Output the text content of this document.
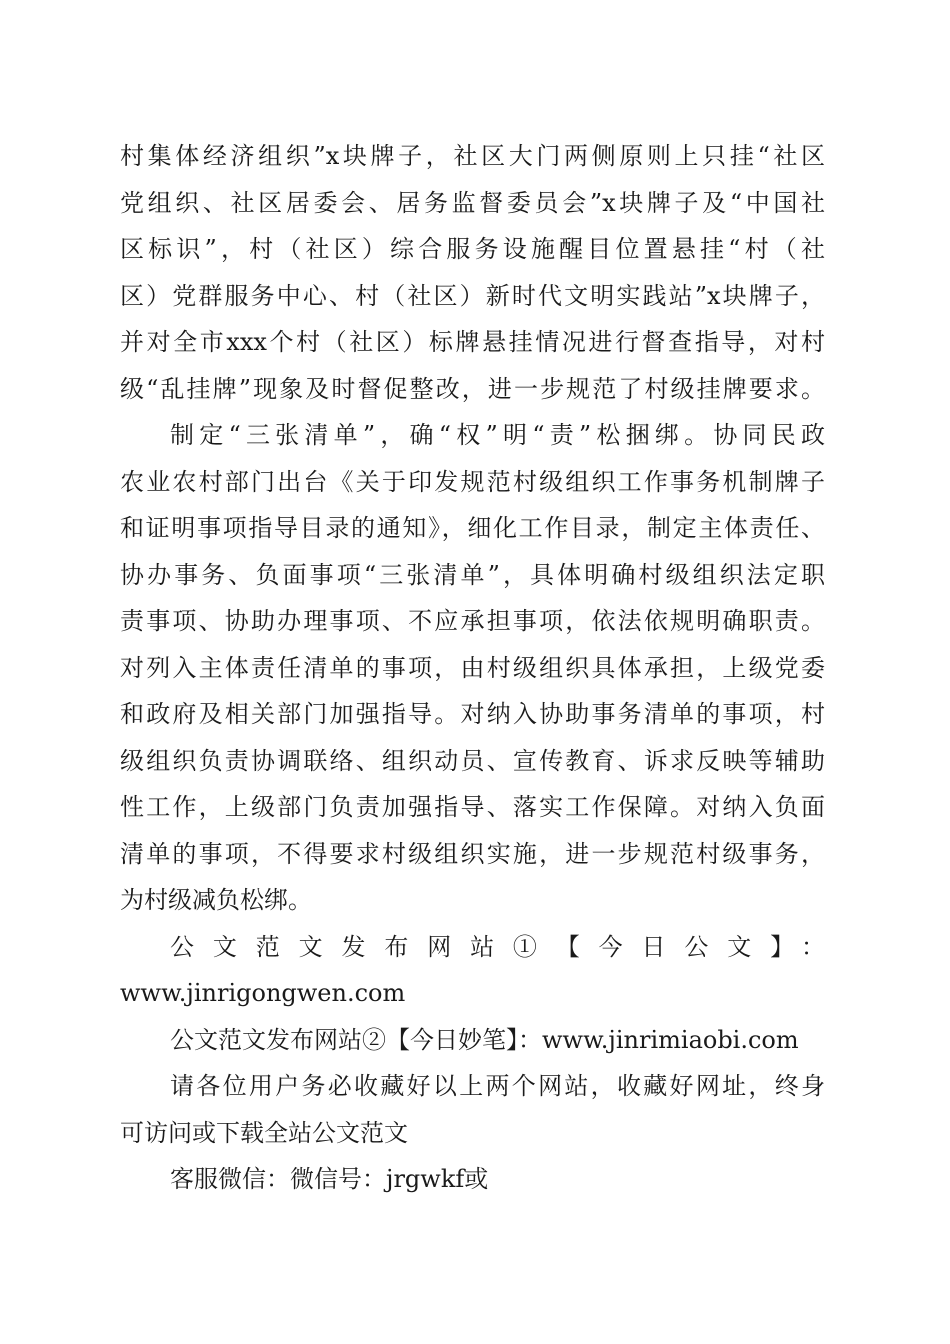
村集体经济组织”x块牌子，社区大门两侧原则上只挂“社区
党组织、社区居委会、居务监督委员会”x块牌子及“中国社
区标识”，村（社区）综合服务设施醒目位置悬挂“村（社
区）党群服务中心、村（社区）新时代文明实践站”x块牌子，
并对全市xxx个村（社区）标牌悬挂情况进行督查指导，对村
级“乱挂牌”现象及时督促整改，进一步规范了村级挂牌要求。
制定“三张清单”，确“权”明“责”松捆绑。协同民政
农业农村部门出台《关于印发规范村级组织工作事务机制牌子
和证明事项指导目录的通知》，细化工作目录，制定主体责任、
协办事务、负面事项“三张清单”，具体明确村级组织法定职
责事项、协助办理事项、不应承担事项，依法依规明确职责。
对列入主体责任清单的事项，由村级组织具体承担，上级党委
和政府及相关部门加强指导。对纳入协助事务清单的事项，村
级组织负责协调联络、组织动员、宣传教育、诉求反映等辅助
性工作，上级部门负责加强指导、落实工作保障。对纳入负面
清单的事项，不得要求村级组织实施，进一步规范村级事务，
为村级减负松绑。
公文范文发布网站①【今日公文】：
www.jinrigongwen.com
公文范文发布网站②【今日妙笔】：www.jinrimiaobi.com
请各位用户务必收藏好以上两个网站，收藏好网址，终身
可访问或下载全站公文范文
客服微信：微信号：jrgwkf或
